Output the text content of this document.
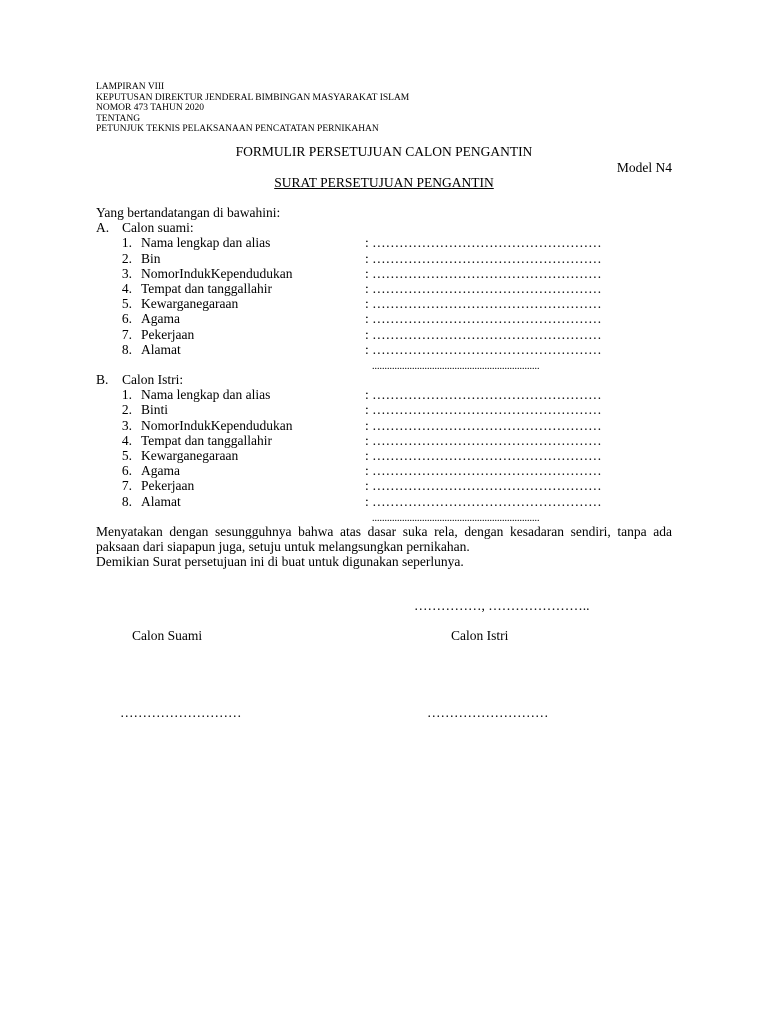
LAMPIRAN VIII
KEPUTUSAN DIREKTUR JENDERAL BIMBINGAN MASYARAKAT ISLAM
NOMOR 473 TAHUN 2020
TENTANG
PETUNJUK TEKNIS PELAKSANAAN PENCATATAN PERNIKAHAN
FORMULIR PERSETUJUAN CALON PENGANTIN
Model N4
SURAT PERSETUJUAN PENGANTIN
Yang bertandatangan di bawahini:
A. Calon suami:
1. Nama lengkap dan alias	: ……………………………………………
2. Bin	: ……………………………………………
3. NomorIndukKependudukan	: ……………………………………………
4. Tempat dan tanggallahir	: ……………………………………………
5. Kewarganegaraan	: ……………………………………………
6. Agama	: ……………………………………………
7. Pekerjaan	: ……………………………………………
8. Alamat	: ……………………………………………
...................................................................
B.	Calon Istri:
1. Nama lengkap dan alias	: ……………………………………………
2. Binti	: ……………………………………………
3. NomorIndukKependudukan	: ……………………………………………
4. Tempat dan tanggallahir	: ……………………………………………
5. Kewarganegaraan	: ……………………………………………
6. Agama	: ……………………………………………
7. Pekerjaan	: ……………………………………………
8. Alamat	: ……………………………………………
...................................................................
Menyatakan dengan sesungguhnya bahwa atas dasar suka rela, dengan kesadaran sendiri, tanpa ada paksaan dari siapapun juga, setuju untuk melangsungkan pernikahan.
Demikian Surat persetujuan ini di buat untuk digunakan seperlunya.
……………, …………………..
Calon Suami	Calon Istri
………………………	………………………
